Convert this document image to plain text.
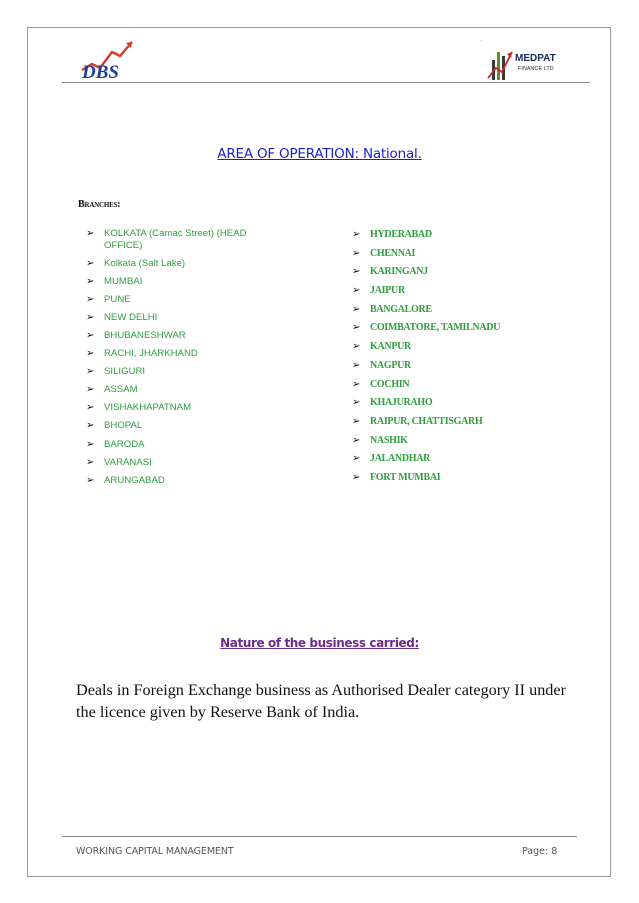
DBS
·
MEDPAT
FINANCE LTD
AREA OF OPERATION: National.
Branches:
➢ KOLKATA (Camac Street) (HEAD OFFICE)
➢ Kolkata (Salt Lake)
➢ MUMBAI
➢ PUNE
➢ NEW DELHI
➢ BHUBANESHWAR
➢ RACHI, JHARKHAND
➢ SILIGURI
➢ ASSAM
➢ VISHAKHAPATNAM
➢ BHOPAL
➢ BARODA
➢ VARANASI
➢ ARUNGABAD
➢ HYDERABAD
➢ CHENNAI
➢ KARINGANJ
➢ JAIPUR
➢ BANGALORE
➢ COIMBATORE, TAMILNADU
➢ KANPUR
➢ NAGPUR
➢ COCHIN
➢ KHAJURAHO
➢ RAIPUR, CHATTISGARH
➢ NASHIK
➢ JALANDHAR
➢ FORT MUMBAI
Nature of the business carried:
Deals in Foreign Exchange business as Authorised Dealer category II under the licence given by Reserve Bank of India.
WORKING CAPITAL MANAGEMENT	Page: 8
